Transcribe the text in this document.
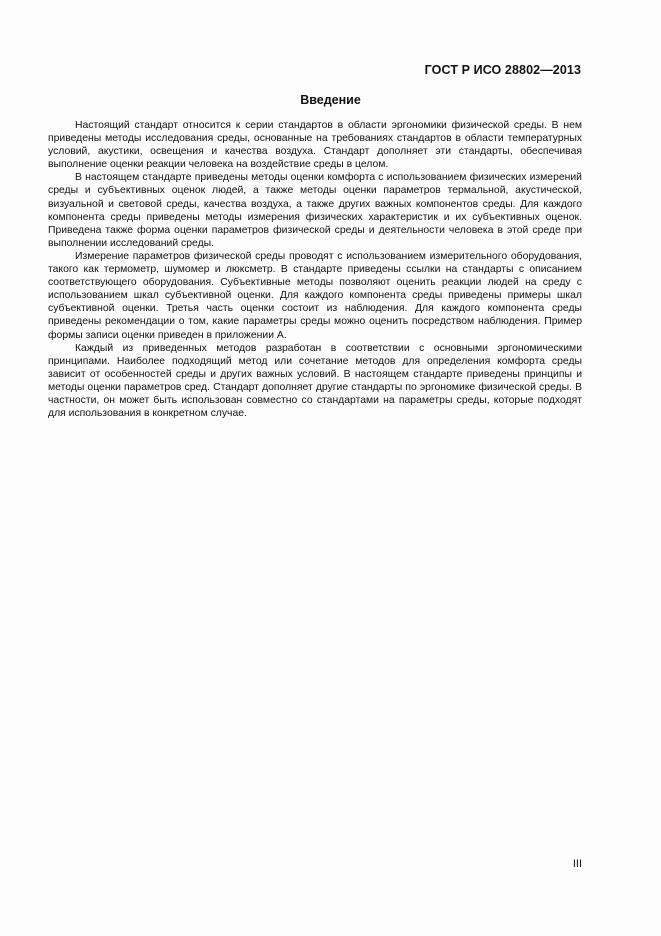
ГОСТ Р ИСО 28802—2013
Введение

Настоящий стандарт относится к серии стандартов в области эргономики физической среды. В нем приведены методы исследования среды, основанные на требованиях стандартов в области температурных условий, акустики, освещения и качества воздуха. Стандарт дополняет эти стандарты, обеспечивая выполнение оценки реакции человека на воздействие среды в целом.

В настоящем стандарте приведены методы оценки комфорта с использованием физических измерений среды и субъективных оценок людей, а также методы оценки параметров термальной, акустической, визуальной и световой среды, качества воздуха, а также других важных компонентов среды. Для каждого компонента среды приведены методы измерения физических характеристик и их субъективных оценок. Приведена также форма оценки параметров физической среды и деятельности человека в этой среде при выполнении исследований среды.

Измерение параметров физической среды проводят с использованием измерительного оборудования, такого как термометр, шумомер и люксметр. В стандарте приведены ссылки на стандарты с описанием соответствующего оборудования. Субъективные методы позволяют оценить реакции людей на среду с использованием шкал субъективной оценки. Для каждого компонента среды приведены примеры шкал субъективной оценки. Третья часть оценки состоит из наблюдения. Для каждого компонента среды приведены рекомендации о том, какие параметры среды можно оценить посредством наблюдения. Пример формы записи оценки приведен в приложении А.

Каждый из приведенных методов разработан в соответствии с основными эргономическими принципами. Наиболее подходящий метод или сочетание методов для определения комфорта среды зависит от особенностей среды и других важных условий. В настоящем стандарте приведены принципы и методы оценки параметров сред. Стандарт дополняет другие стандарты по эргономике физической среды. В частности, он может быть использован совместно со стандартами на параметры среды, которые подходят для использования в конкретном случае.

III
